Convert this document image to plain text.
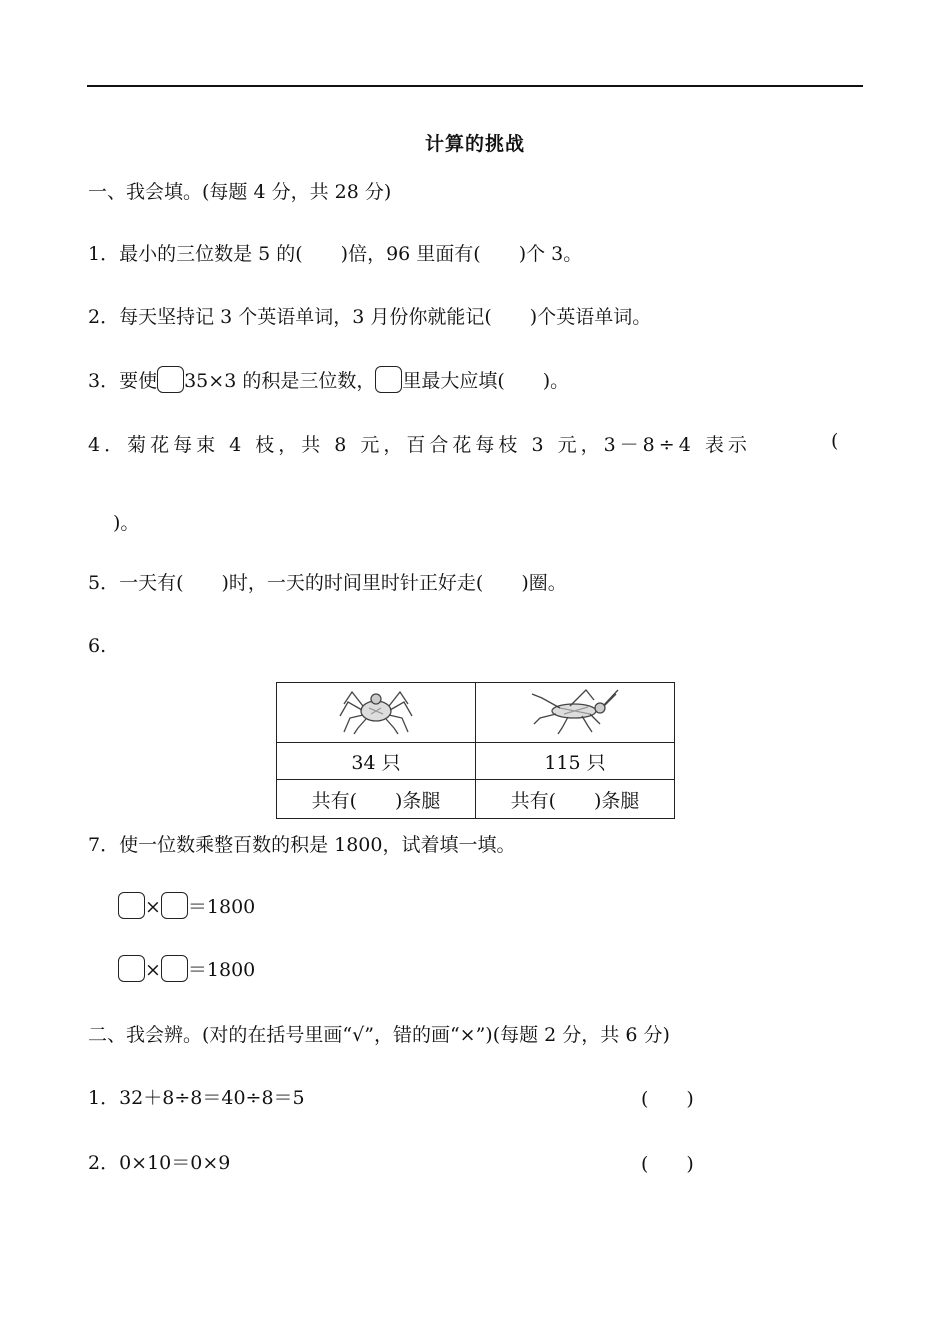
计算的挑战
一、我会填。(每题 4 分，共 28 分)
1．最小的三位数是 5 的(　　)倍，96 里面有(　　)个 3。
2．每天坚持记 3 个英语单词，3 月份你就能记(　　)个英语单词。
3．要使 35×3 的积是三位数， 里最大应填(　　)。
4．菊花每束 4 枝，共 8 元，百合花每枝 3 元，3－8÷4 表示	(
)。
5．一天有(　　)时，一天的时间里时针正好走(　　)圈。
6.

34 只	115 只
共有(　　)条腿	共有(　　)条腿
7．使一位数乘整百数的积是 1800，试着填一填。
× ＝1800
× ＝1800
二、我会辨。(对的在括号里画“√”，错的画“×”)(每题 2 分，共 6 分)
1．32＋8÷8＝40÷8＝5	(　　)
2．0×10＝0×9	(　　)
